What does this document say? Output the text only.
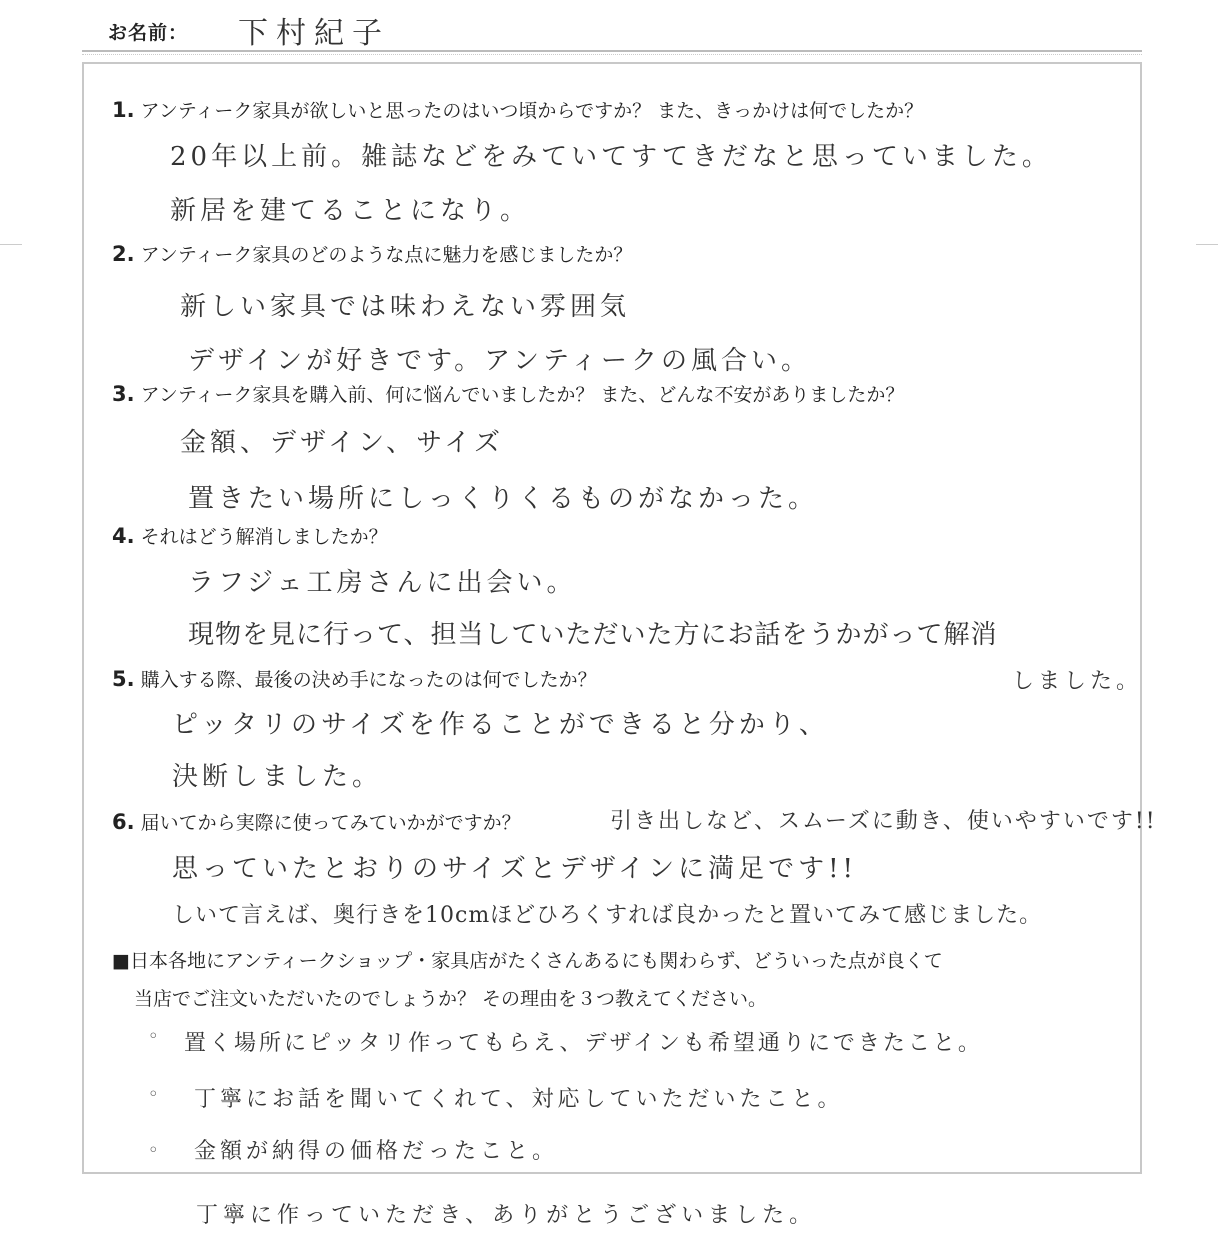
お名前： 下村紀子
1. アンティーク家具が欲しいと思ったのはいつ頃からですか？ また、きっかけは何でしたか？
20年以上前。雑誌などをみていてすてきだなと思っていました。
新居を建てることになり。
2. アンティーク家具のどのような点に魅力を感じましたか？
新しい家具では味わえない雰囲気
デザインが好きです。アンティークの風合い。
3. アンティーク家具を購入前、何に悩んでいましたか？ また、どんな不安がありましたか？
金額、デザイン、サイズ
置きたい場所にしっくりくるものがなかった。
4. それはどう解消しましたか？
ラフジェ工房さんに出会い。
現物を見に行って、担当していただいた方にお話をうかがって解消
しました。
5. 購入する際、最後の決め手になったのは何でしたか？
ピッタリのサイズを作ることができると分かり、
決断しました。
6. 届いてから実際に使ってみていかがですか？	引き出しなど、スムーズに動き、使いやすいです!!
思っていたとおりのサイズとデザインに満足です!!
しいて言えば、奥行きを10cmほどひろくすれば良かったと置いてみて感じました。
■日本各地にアンティークショップ・家具店がたくさんあるにも関わらず、どういった点が良くて
当店でご注文いただいたのでしょうか？ その理由を３つ教えてください。
◦ 置く場所にピッタリ作ってもらえ、デザインも希望通りにできたこと。
◦ 丁寧にお話を聞いてくれて、対応していただいたこと。
◦ 金額が納得の価格だったこと。
丁寧に作っていただき、ありがとうございました。
